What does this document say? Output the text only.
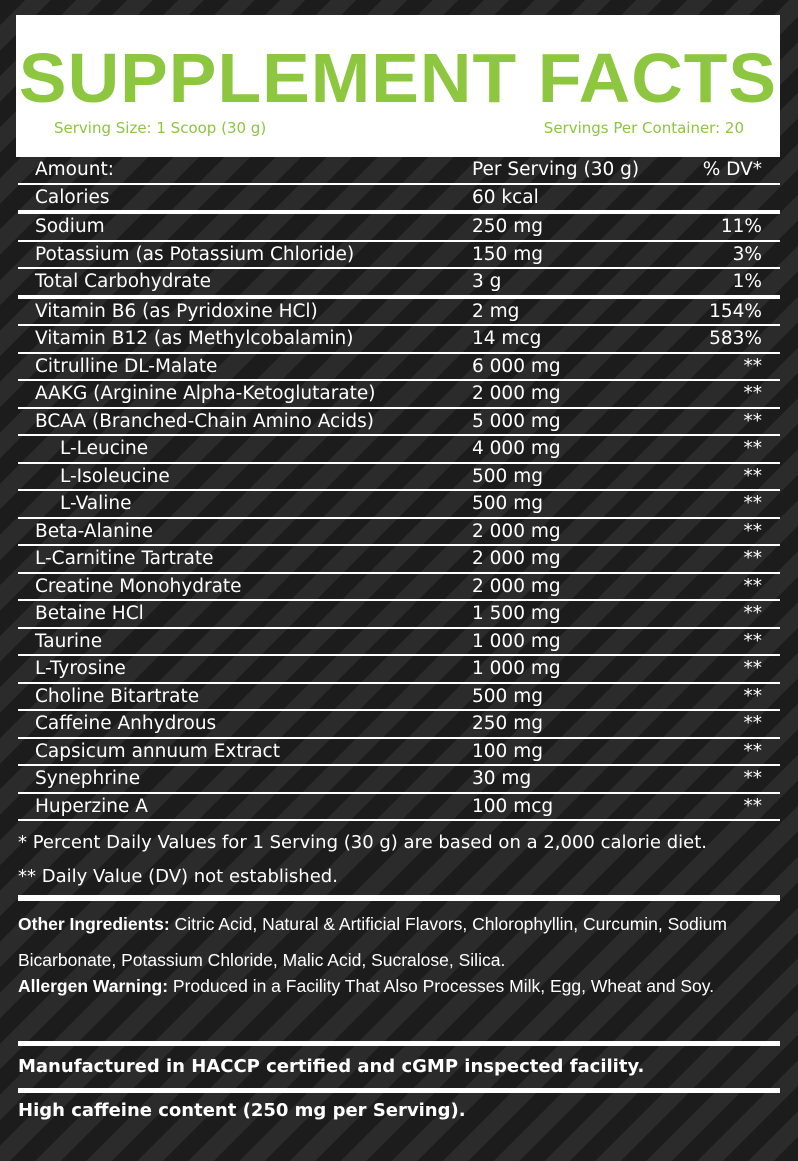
SUPPLEMENT FACTS
Serving Size: 1 Scoop (30 g)	Servings Per Container: 20
Amount:	Per Serving (30 g)	% DV*
Calories	60 kcal
Sodium	250 mg	11%
Potassium (as Potassium Chloride)	150 mg	3%
Total Carbohydrate	3 g	1%
Vitamin B6 (as Pyridoxine HCl)	2 mg	154%
Vitamin B12 (as Methylcobalamin)	14 mcg	583%
Citrulline DL-Malate	6 000 mg	**
AAKG (Arginine Alpha-Ketoglutarate)	2 000 mg	**
BCAA (Branched-Chain Amino Acids)	5 000 mg	**
L-Leucine	4 000 mg	**
L-Isoleucine	500 mg	**
L-Valine	500 mg	**
Beta-Alanine	2 000 mg	**
L-Carnitine Tartrate	2 000 mg	**
Creatine Monohydrate	2 000 mg	**
Betaine HCl	1 500 mg	**
Taurine	1 000 mg	**
L-Tyrosine	1 000 mg	**
Choline Bitartrate	500 mg	**
Caffeine Anhydrous	250 mg	**
Capsicum annuum Extract	100 mg	**
Synephrine	30 mg	**
Huperzine A	100 mcg	**
* Percent Daily Values for 1 Serving (30 g) are based on a 2,000 calorie diet.
** Daily Value (DV) not established.
Other Ingredients: Citric Acid, Natural & Artificial Flavors, Chlorophyllin, Curcumin, Sodium Bicarbonate, Potassium Chloride, Malic Acid, Sucralose, Silica.
Allergen Warning: Produced in a Facility That Also Processes Milk, Egg, Wheat and Soy.
Manufactured in HACCP certified and cGMP inspected facility.
High caffeine content (250 mg per Serving).
